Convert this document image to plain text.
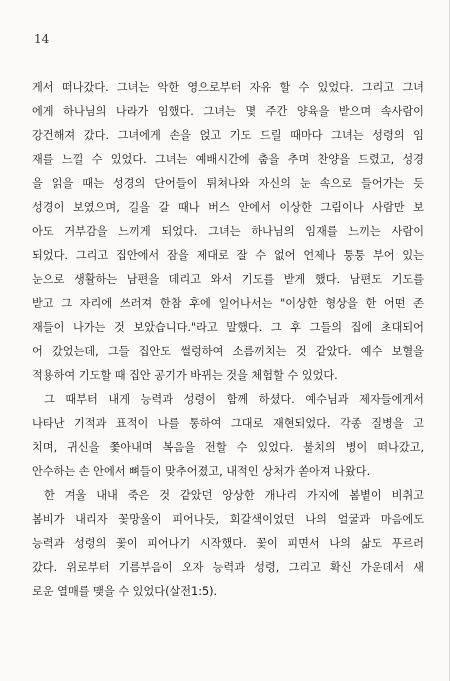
14
게서 떠나갔다. 그녀는 악한 영으로부터 자유 할 수 있었다. 그리고 그녀
에게 하나님의 나라가 임했다. 그녀는 몇 주간 양육을 받으며 속사람이
강건해져 갔다. 그녀에게 손을 얹고 기도 드릴 때마다 그녀는 성령의 임
재를 느낄 수 있었다. 그녀는 예배시간에 춤을 추며 찬양을 드렸고, 성경
을 읽을 때는 성경의 단어들이 튀쳐나와 자신의 눈 속으로 들어가는 듯
성경이 보였으며, 길을 갈 때나 버스 안에서 이상한 그림이나 사람만 보
아도 거부감을 느끼게 되었다. 그녀는 하나님의 임재를 느끼는 사람이
되었다. 그리고 집안에서 잠을 제대로 잘 수 없어 언제나 퉁퉁 부어 있는
눈으로 생활하는 남편을 데리고 와서 기도를 받게 했다. 남편도 기도를
받고 그 자리에 쓰러져 한참 후에 일어나서는 "이상한 형상을 한 어떤 존
재들이 나가는 것 보았습니다."라고 말했다. 그 후 그들의 집에 초대되어
어 갔었는데, 그들 집안도 썰렁하여 소름끼치는 것 같았다. 예수 보혈을
적용하여 기도할 때 집안 공기가 바뀌는 것을 체험할 수 있었다.
그 때부터 내게 능력과 성령이 함께 하셨다. 예수님과 제자들에게서
나타난 기적과 표적이 나를 통하여 그대로 재현되었다. 각종 질병을 고
치며, 귀신을 쫓아내며 복음을 전할 수 있었다. 불치의 병이 떠나갔고,
안수하는 손 안에서 뼈들이 맞추어졌고, 내적인 상처가 쏟아져 나왔다.
한 겨울 내내 죽은 것 같았던 앙상한 개나리 가지에 봄볕이 비취고
봄비가 내리자 꽃망울이 피어나듯, 회갈색이었던 나의 얼굴과 마음에도
능력과 성령의 꽃이 피어나기 시작했다. 꽃이 피면서 나의 삶도 푸르러
갔다. 위로부터 기름부음이 오자 능력과 성령, 그리고 확신 가운데서 새
로운 열매를 맺을 수 있었다(살전1:5).
